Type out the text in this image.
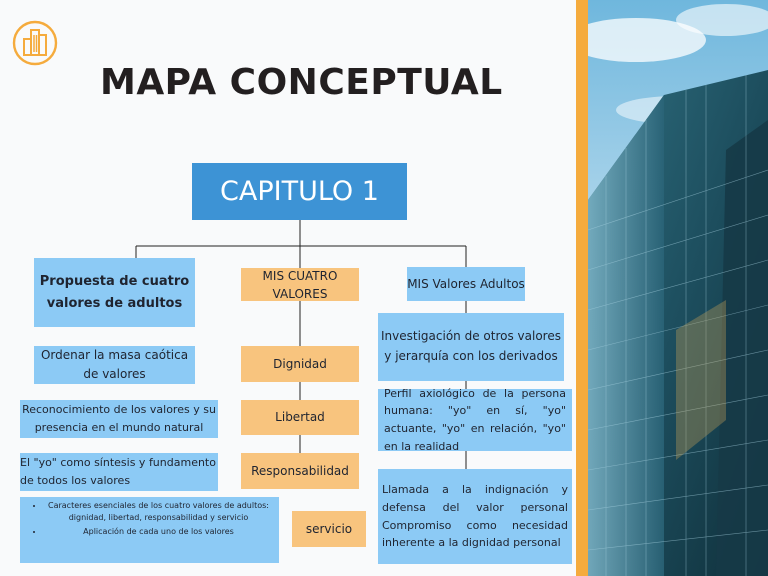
MAPA CONCEPTUAL
CAPITULO 1
Propuesta de cuatro valores de adultos
Ordenar la masa caótica de valores
Reconocimiento de los valores y su presencia en el mundo natural
El "yo" como síntesis y fundamento de todos los valores
• Caracteres esenciales de los cuatro valores de adultos: dignidad, libertad, responsabilidad y servicio
• Aplicación de cada uno de los valores
MIS CUATRO VALORES
Dignidad
Libertad
Responsabilidad
servicio
MIS Valores Adultos
Investigación de otros valores y jerarquía con los derivados
Perfil axiológico de la persona humana: "yo" en sí, "yo" actuante, "yo" en relación, "yo" en la realidad
Llamada a la indignación y defensa del valor personal Compromiso como necesidad inherente a la dignidad personal
